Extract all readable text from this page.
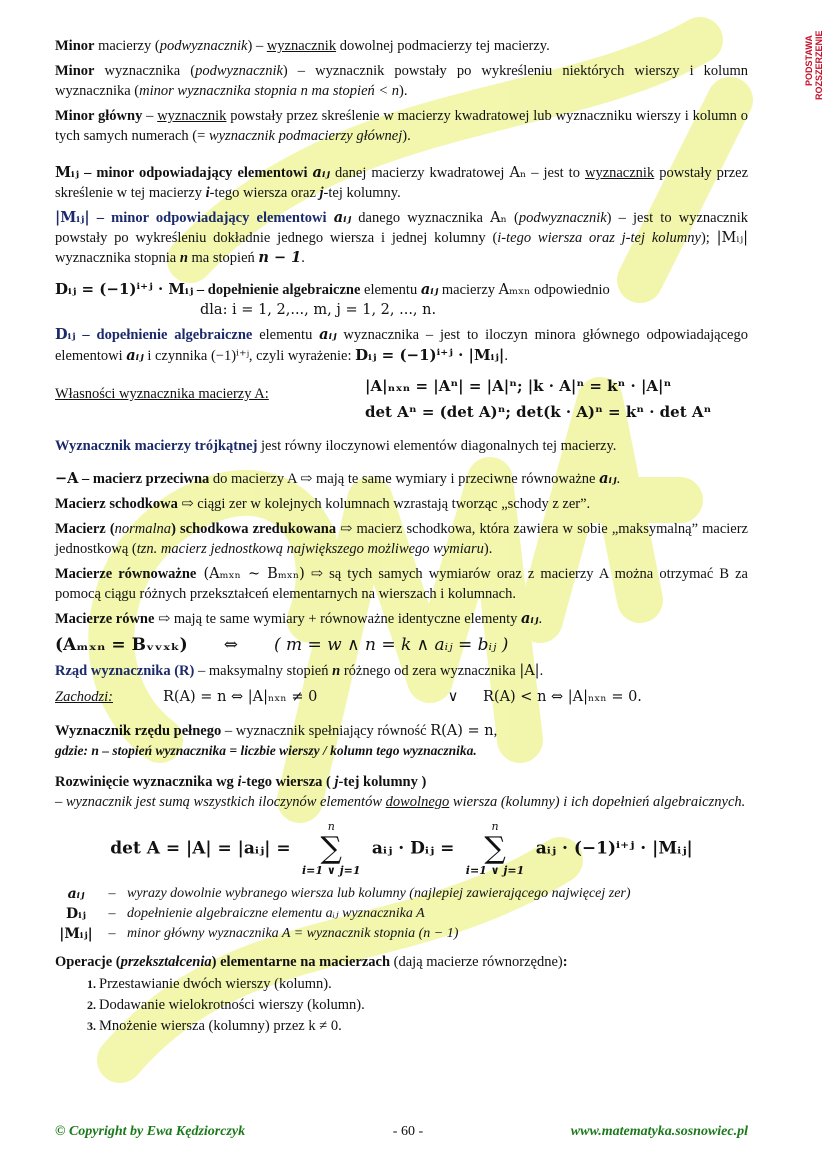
PODSTAWA ROZSZERZENIE

Minor macierzy (podwyznacznik) – wyznacznik dowolnej podmacierzy tej macierzy.

Minor wyznacznika (podwyznacznik) – wyznacznik powstały po wykreśleniu niektórych wierszy i kolumn wyznacznika (minor wyznacznika stopnia n ma stopień < n).

Minor główny – wyznacznik powstały przez skreślenie w macierzy kwadratowej lub wyznaczniku wierszy i kolumn o tych samych numerach (= wyznacznik podmacierzy głównej).

Mᵢⱼ – minor odpowiadający elementowi aᵢⱼ danej macierzy kwadratowej Aₙ – jest to wyznacznik powstały przez skreślenie w tej macierzy i-tego wiersza oraz j-tej kolumny.

|Mᵢⱼ| – minor odpowiadający elementowi aᵢⱼ danego wyznacznika Aₙ (podwyznacznik) – jest to wyznacznik powstały po wykreśleniu dokładnie jednego wiersza i jednej kolumny (i-tego wiersza oraz j-tej kolumny); |Mᵢⱼ| wyznacznika stopnia n ma stopień n − 1.

Dᵢⱼ = (−1)ⁱ⁺ʲ · Mᵢⱼ – dopełnienie algebraiczne elementu aᵢⱼ macierzy Aₘₓₙ odpowiednio

dla: i = 1, 2,..., m, j = 1, 2, ..., n.

Dᵢⱼ – dopełnienie algebraiczne elementu aᵢⱼ wyznacznika – jest to iloczyn minora głównego odpowiadającego elementowi aᵢⱼ i czynnika (−1)ⁱ⁺ʲ, czyli wyrażenie: Dᵢⱼ = (−1)ⁱ⁺ʲ · |Mᵢⱼ|.

Własności wyznacznika macierzy A:	|A|ₙₓₙ = |Aⁿ| = |A|ⁿ; |k · A|ⁿ = kⁿ · |A|ⁿ
det Aⁿ = (det A)ⁿ; det(k · A)ⁿ = kⁿ · det Aⁿ

Wyznacznik macierzy trójkątnej jest równy iloczynowi elementów diagonalnych tej macierzy.

−A – macierz przeciwna do macierzy A ⇨ mają te same wymiary i przeciwne równoważne aᵢⱼ.

Macierz schodkowa ⇨ ciągi zer w kolejnych kolumnach wzrastają tworząc „schody z zer”.

Macierz (normalna) schodkowa zredukowana ⇨ macierz schodkowa, która zawiera w sobie „maksymalną” macierz jednostkową (tzn. macierz jednostkową największego możliwego wymiaru).

Macierze równoważne (Aₘₓₙ ~ Bₘₓₙ) ⇨ są tych samych wymiarów oraz z macierzy A można otrzymać B za pomocą ciągu różnych przekształceń elementarnych na wierszach i kolumnach.

Macierze równe ⇨ mają te same wymiary + równoważne identyczne elementy aᵢⱼ.

(Aₘₓₙ = Bᵥᵥₓₖ) ⇔ ( m = w ∧ n = k ∧ aᵢⱼ = bᵢⱼ )

Rząd wyznacznika (R) – maksymalny stopień n różnego od zera wyznacznika |A|.

Zachodzi:	R(A) = n ⇔ |A|ₙₓₙ ≠ 0	∨	R(A) < n ⇔ |A|ₙₓₙ = 0.

Wyznacznik rzędu pełnego – wyznacznik spełniający równość R(A) = n,

gdzie: n – stopień wyznacznika = liczbie wierszy / kolumn tego wyznacznika.

Rozwinięcie wyznacznika wg i-tego wiersza ( j-tej kolumny )

– wyznacznik jest sumą wszystkich iloczynów elementów dowolnego wiersza (kolumny) i ich dopełnień algebraicznych.

det A = |A| = |aᵢⱼ| =
n
∑
i=1 ∨ j=1
aᵢⱼ · Dᵢⱼ =
n
∑
i=1 ∨ j=1
aᵢⱼ · (−1)ⁱ⁺ʲ · |Mᵢⱼ|
aᵢⱼ	– wyrazy dowolnie wybranego wiersza lub kolumny (najlepiej zawierającego najwięcej zer)
Dᵢⱼ	– dopełnienie algebraiczne elementu aᵢⱼ wyznacznika A
|Mᵢⱼ|	– minor główny wyznacznika A = wyznacznik stopnia (n − 1)

Operacje (przekształcenia) elementarne na macierzach (dają macierze równorzędne):

1. Przestawianie dwóch wierszy (kolumn).
2. Dodawanie wielokrotności wierszy (kolumn).
3. Mnożenie wiersza (kolumny) przez k ≠ 0.
© Copyright by Ewa Kędziorczyk	- 60 -	www.matematyka.sosnowiec.pl
